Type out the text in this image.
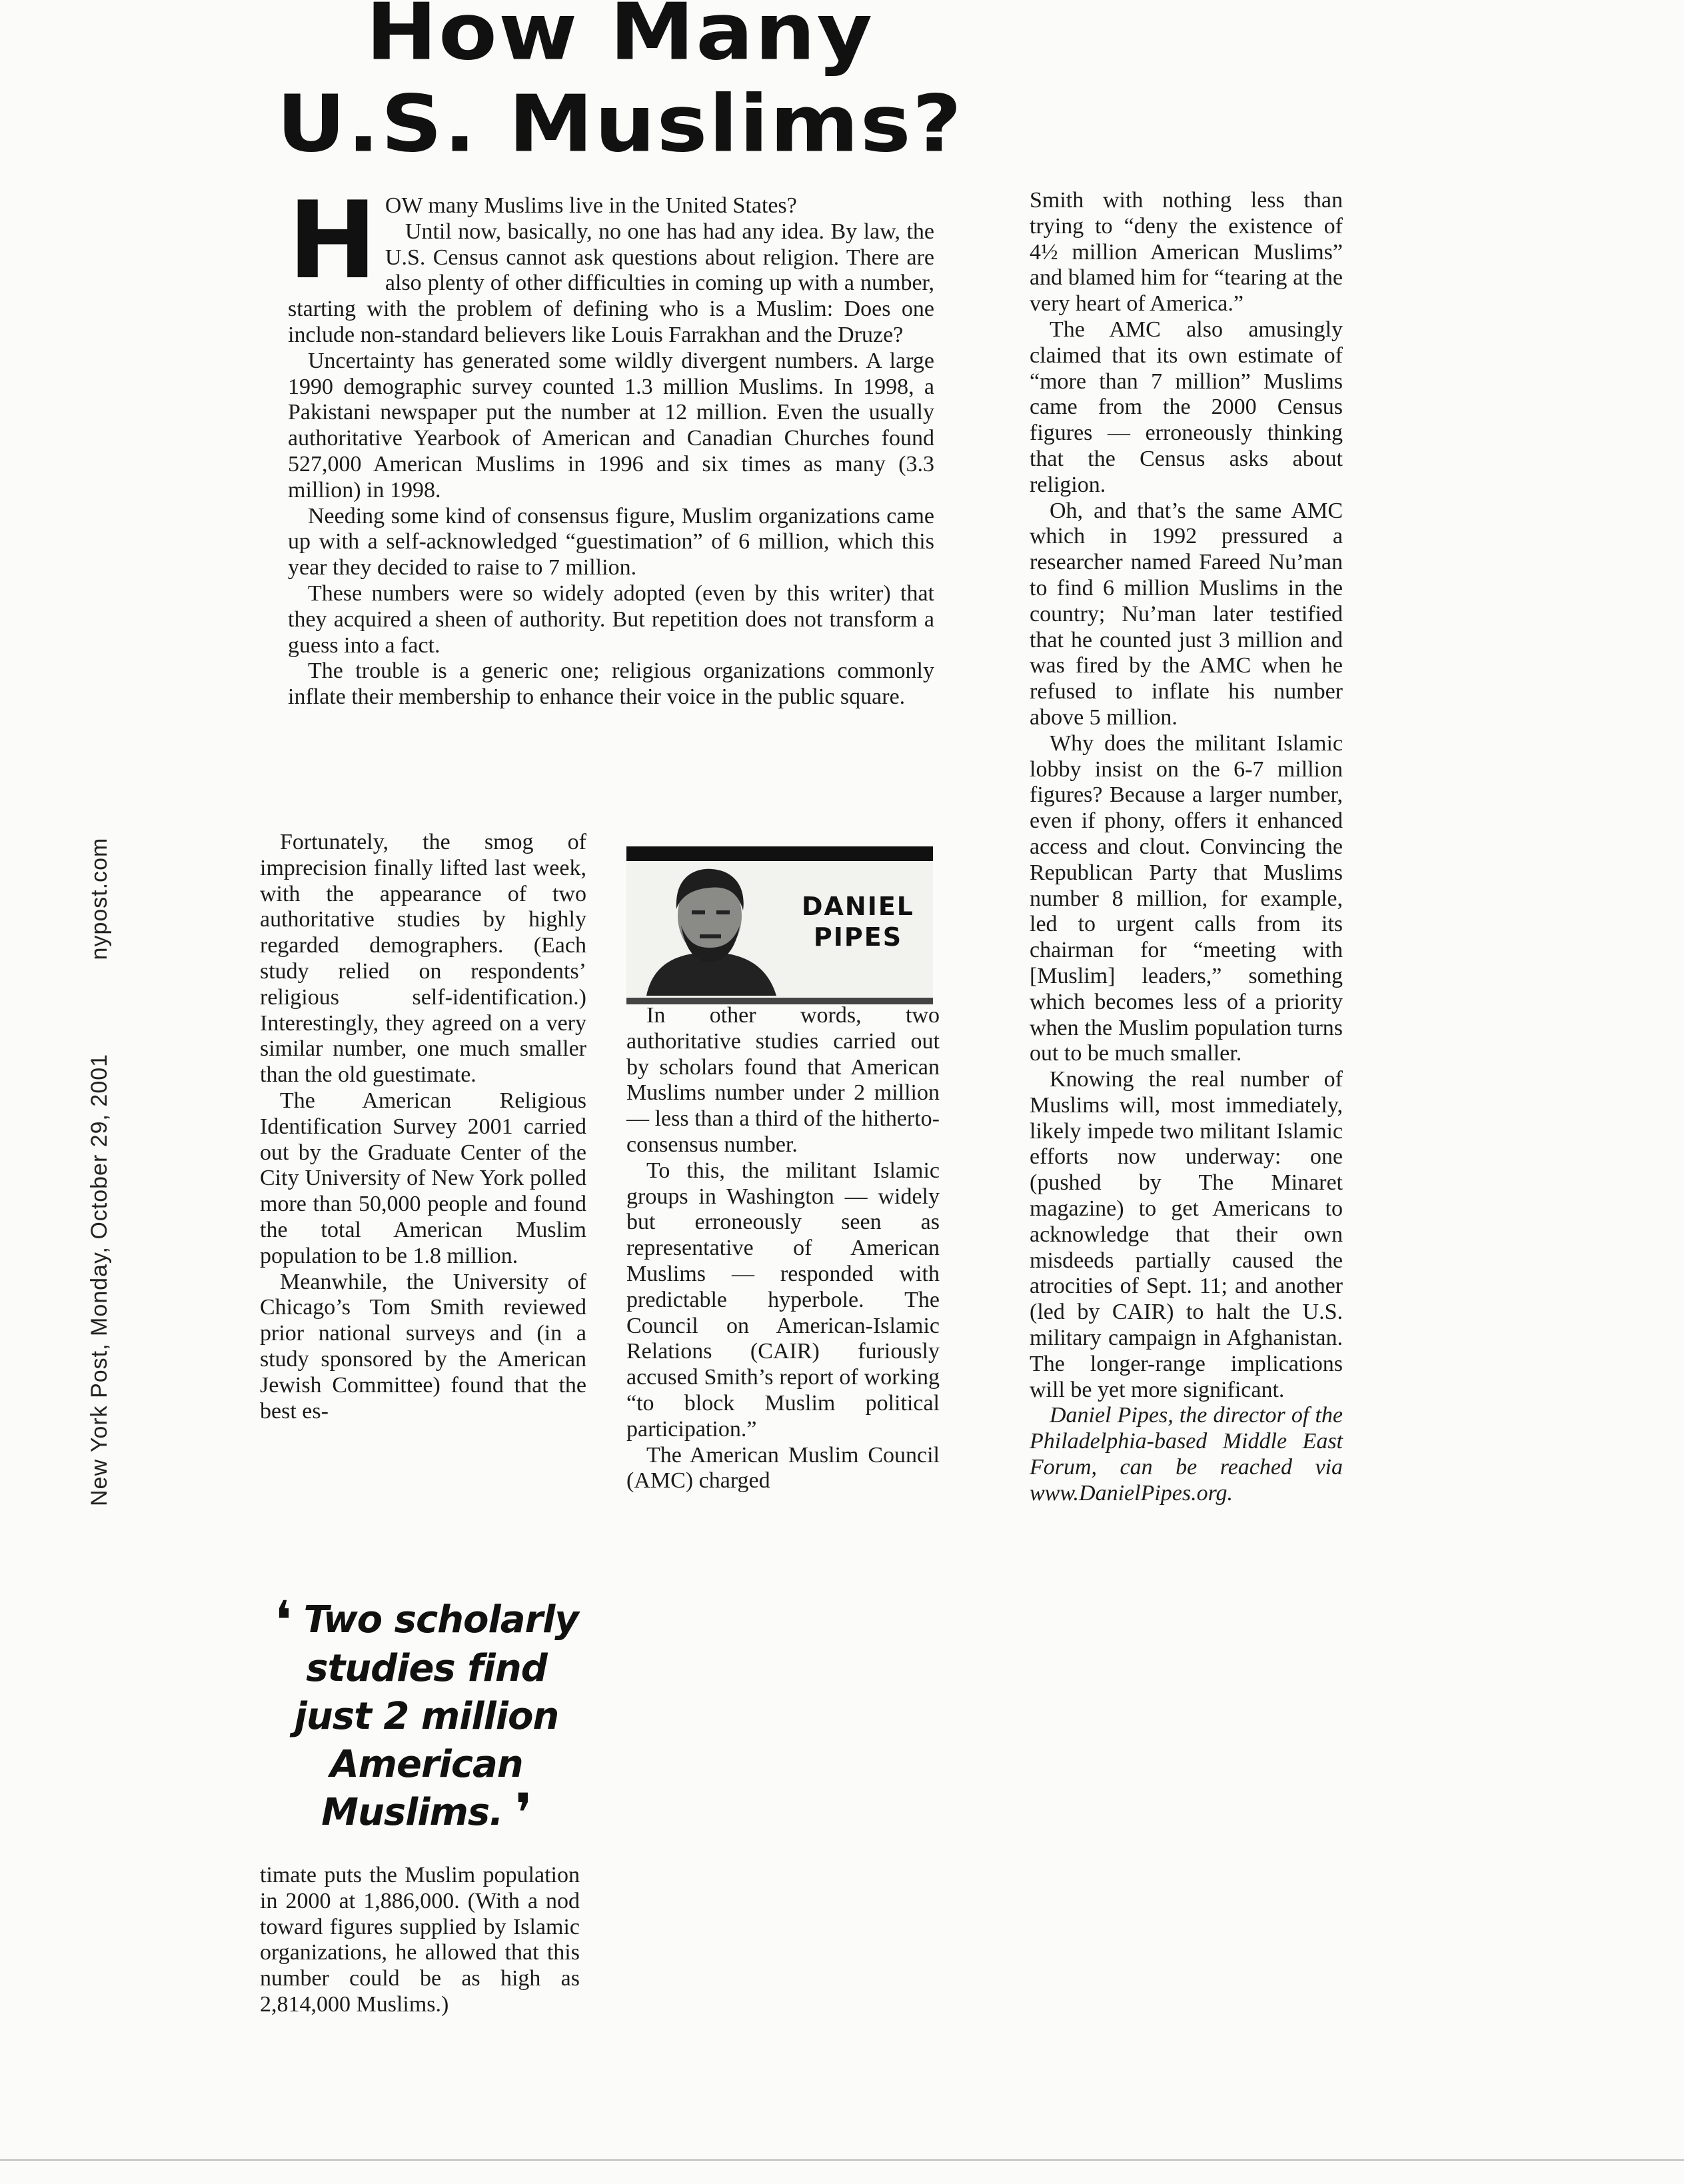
How Many
U.S. Muslims?
New York Post, Monday, October 29, 2001 nypost.com
H OW many Muslims live in the United States?

Until now, basically, no one has had any idea. By law, the U.S. Census cannot ask questions about religion. There are also plenty of other difficulties in coming up with a number, starting with the problem of defining who is a Muslim: Does one include non-standard believers like Louis Farrakhan and the Druze?

Uncertainty has generated some wildly divergent numbers. A large 1990 demographic survey counted 1.3 million Muslims. In 1998, a Pakistani newspaper put the number at 12 million. Even the usually authoritative Yearbook of American and Canadian Churches found 527,000 American Muslims in 1996 and six times as many (3.3 million) in 1998.

Needing some kind of consensus figure, Muslim organizations came up with a self-acknowledged “guestimation” of 6 million, which this year they decided to raise to 7 million.

These numbers were so widely adopted (even by this writer) that they acquired a sheen of authority. But repetition does not transform a guess into a fact.

The trouble is a generic one; religious organizations commonly inflate their membership to enhance their voice in the public square.

DANIEL
PIPES

Fortunately, the smog of imprecision finally lifted last week, with the appearance of two authoritative studies by highly regarded demographers. (Each study relied on respondents’ religious self-identification.) Interestingly, they agreed on a very similar number, one much smaller than the old guestimate.

The American Religious Identification Survey 2001 carried out by the Graduate Center of the City University of New York polled more than 50,000 people and found the total American Muslim population to be 1.8 million.

Meanwhile, the University of Chicago’s Tom Smith reviewed prior national surveys and (in a study sponsored by the American Jewish Committee) found that the best es-

❛ Two scholarly studies find just 2 million American Muslims. ❜

timate puts the Muslim population in 2000 at 1,886,000. (With a nod toward figures supplied by Islamic organizations, he allowed that this number could be as high as 2,814,000 Muslims.)

In other words, two authoritative studies carried out by scholars found that American Muslims number under 2 million — less than a third of the hitherto-consensus number.

To this, the militant Islamic groups in Washington — widely but erroneously seen as representative of American Muslims — responded with predictable hyperbole. The Council on American-Islamic Relations (CAIR) furiously accused Smith’s report of working “to block Muslim political participation.”

The American Muslim Council (AMC) charged

Smith with nothing less than trying to “deny the existence of 4½ million American Muslims” and blamed him for “tearing at the very heart of America.”

The AMC also amusingly claimed that its own estimate of “more than 7 million” Muslims came from the 2000 Census figures — erroneously thinking that the Census asks about religion.

Oh, and that’s the same AMC which in 1992 pressured a researcher named Fareed Nu’man to find 6 million Muslims in the country; Nu’man later testified that he counted just 3 million and was fired by the AMC when he refused to inflate his number above 5 million.

Why does the militant Islamic lobby insist on the 6-7 million figures? Because a larger number, even if phony, offers it enhanced access and clout. Convincing the Republican Party that Muslims number 8 million, for example, led to urgent calls from its chairman for “meeting with [Muslim] leaders,” something which becomes less of a priority when the Muslim population turns out to be much smaller.

Knowing the real number of Muslims will, most immediately, likely impede two militant Islamic efforts now underway: one (pushed by The Minaret magazine) to get Americans to acknowledge that their own misdeeds partially caused the atrocities of Sept. 11; and another (led by CAIR) to halt the U.S. military campaign in Afghanistan. The longer-range implications will be yet more significant.

Daniel Pipes, the director of the Philadelphia-based Middle East Forum, can be reached via www.DanielPipes.org.
